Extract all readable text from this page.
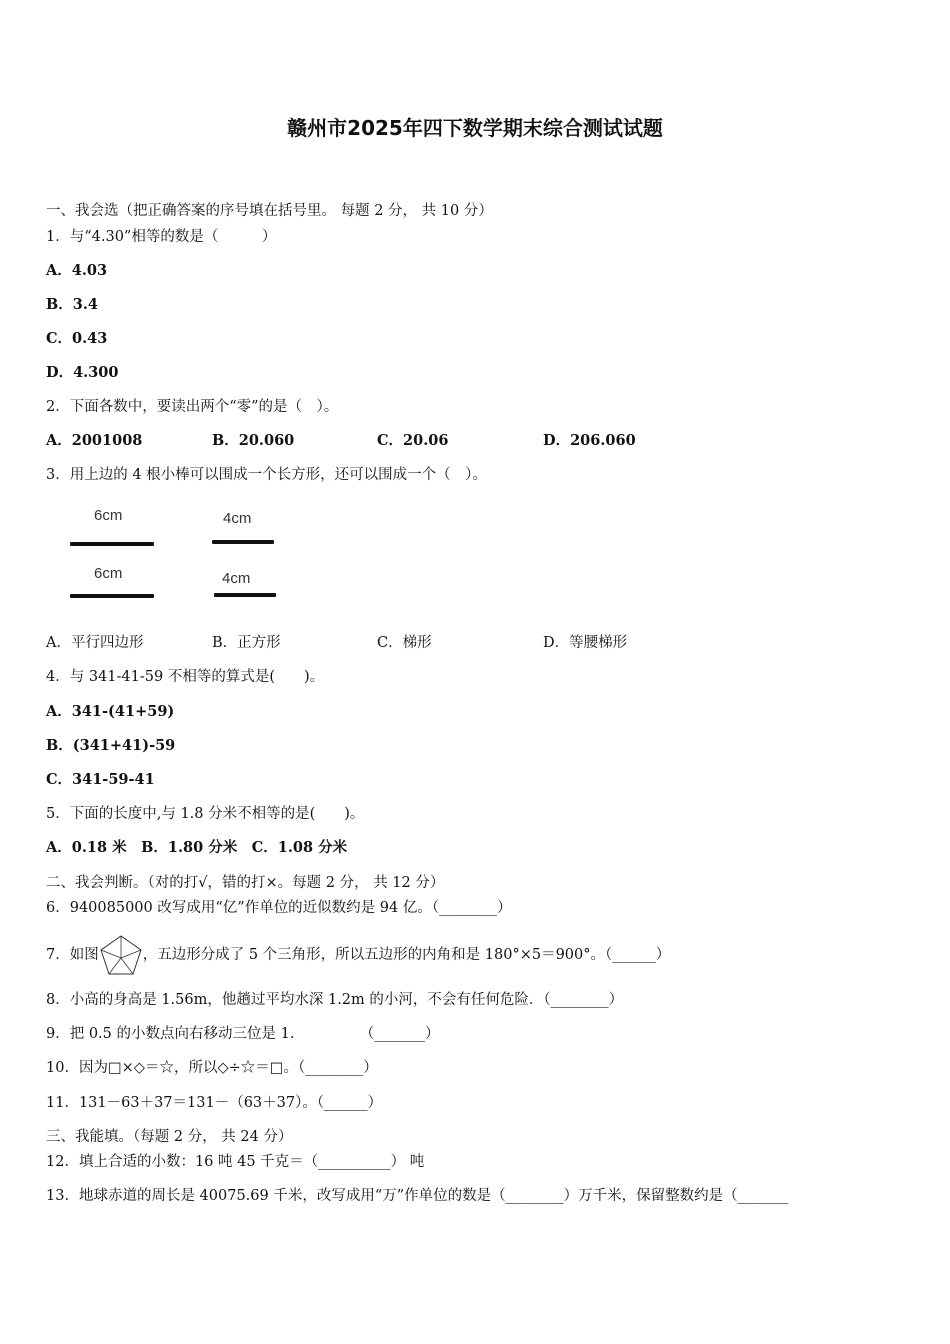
赣州市2025年四下数学期末综合测试试题
一、我会选（把正确答案的序号填在括号里。 每题 2 分， 共 10 分）
1．与“4.30”相等的数是（　　　）
A．4.03
B．3.4
C．0.43
D．4.300
2．下面各数中，要读出两个“零”的是（　）。
A．2001008	B．20.060	C．20.06	D．206.060
3．用上边的 4 根小棒可以围成一个长方形，还可以围成一个（　）。
6cm	4cm
6cm	4cm
A．平行四边形	B．正方形	C．梯形	D．等腰梯形
4．与 341-41-59 不相等的算式是(　　)。
A．341-(41+59)
B．(341+41)-59
C．341-59-41
5．下面的长度中,与 1.8 分米不相等的是(　　)。
A．0.18 米　B．1.80 分米　C．1.08 分米
二、我会判断。（对的打√，错的打×。每题 2 分， 共 12 分）
6．940085000 改写成用“亿”作单位的近似数约是 94 亿。（________）
7．如图	，五边形分成了 5 个三角形，所以五边形的内角和是 180°×5＝900°。（______）
8．小高的身高是 1.56m，他趟过平均水深 1.2m 的小河，不会有任何危险．（________）
9．把 0.5 的小数点向右移动三位是 1.　　　　　（_______）
10．因为□×◇＝☆，所以◇÷☆＝□。（________）
11．131－63＋37＝131－（63＋37）。（______）
三、我能填。（每题 2 分， 共 24 分）
12．填上合适的小数：16 吨 45 千克＝（__________） 吨
13．地球赤道的周长是 40075.69 千米，改写成用“万”作单位的数是（________）万千米，保留整数约是（_______
